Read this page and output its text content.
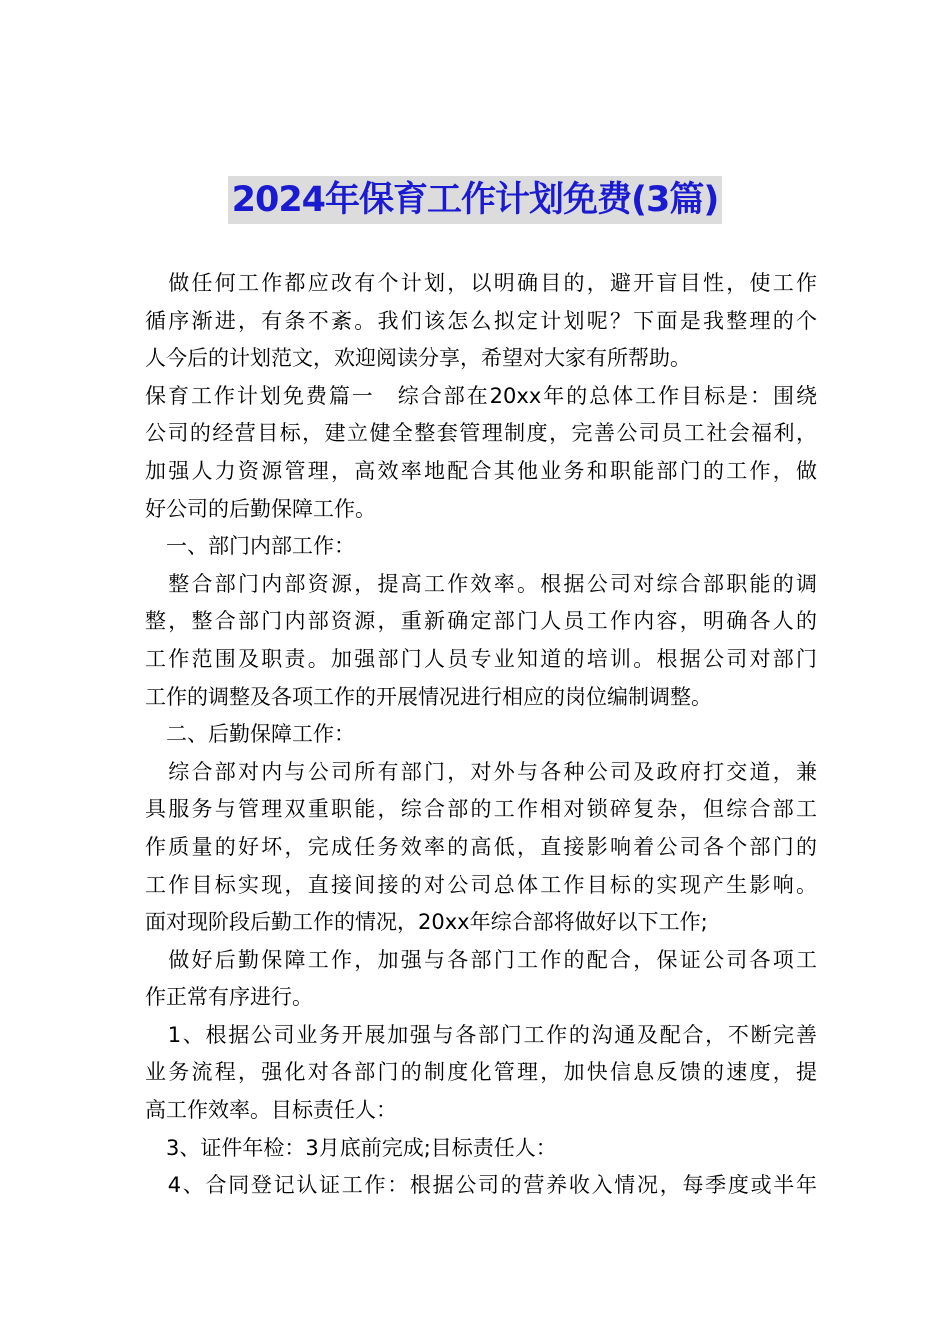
2024年保育工作计划免费(3篇)
　做任何工作都应改有个计划，以明确目的，避开盲目性，使工作
循序渐进，有条不紊。我们该怎么拟定计划呢？下面是我整理的个
人今后的计划范文，欢迎阅读分享，希望对大家有所帮助。
保育工作计划免费篇一　综合部在20xx年的总体工作目标是：围绕
公司的经营目标，建立健全整套管理制度，完善公司员工社会福利，
加强人力资源管理，高效率地配合其他业务和职能部门的工作，做
好公司的后勤保障工作。
　一、部门内部工作：
　整合部门内部资源，提高工作效率。根据公司对综合部职能的调
整，整合部门内部资源，重新确定部门人员工作内容，明确各人的
工作范围及职责。加强部门人员专业知道的培训。根据公司对部门
工作的调整及各项工作的开展情况进行相应的岗位编制调整。
　二、后勤保障工作：
　综合部对内与公司所有部门，对外与各种公司及政府打交道，兼
具服务与管理双重职能，综合部的工作相对锁碎复杂，但综合部工
作质量的好坏，完成任务效率的高低，直接影响着公司各个部门的
工作目标实现，直接间接的对公司总体工作目标的实现产生影响。
面对现阶段后勤工作的情况，20xx年综合部将做好以下工作;
　做好后勤保障工作，加强与各部门工作的配合，保证公司各项工
作正常有序进行。
　1、根据公司业务开展加强与各部门工作的沟通及配合，不断完善
业务流程，强化对各部门的制度化管理，加快信息反馈的速度，提
高工作效率。目标责任人：
　3、证件年检：3月底前完成;目标责任人：
　4、合同登记认证工作：根据公司的营养收入情况，每季度或半年
